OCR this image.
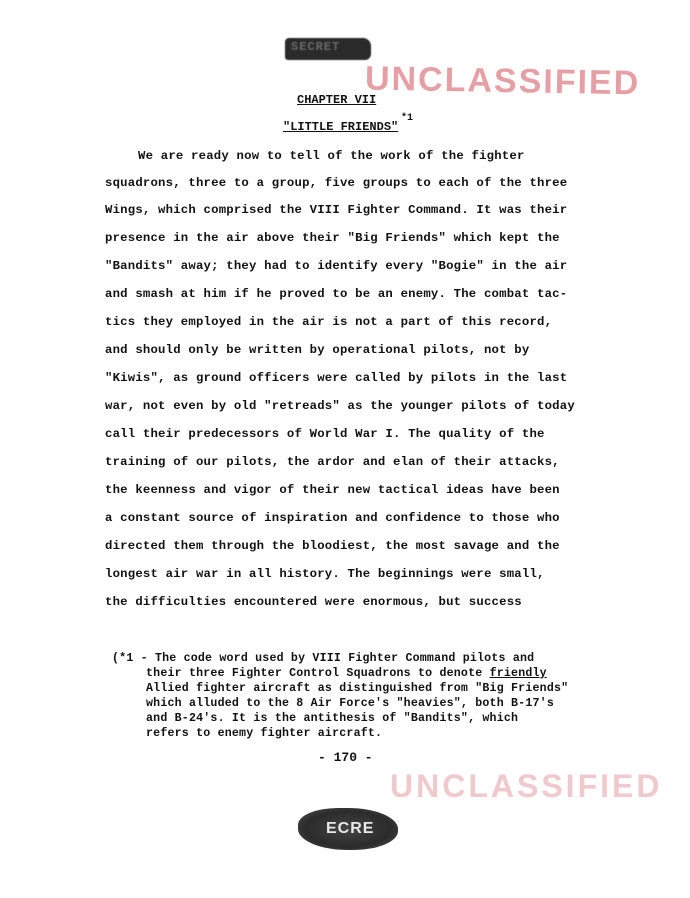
SECRET
UNCLASSIFIED
CHAPTER VII
"LITTLE FRIENDS"
*1
We are ready now to tell of the work of the fighter
squadrons, three to a group, five groups to each of the three
Wings, which comprised the VIII Fighter Command. It was their
presence in the air above their "Big Friends" which kept the
"Bandits" away; they had to identify every "Bogie" in the air
and smash at him if he proved to be an enemy. The combat tac-
tics they employed in the air is not a part of this record,
and should only be written by operational pilots, not by
"Kiwis", as ground officers were called by pilots in the last
war, not even by old "retreads" as the younger pilots of today
call their predecessors of World War I. The quality of the
training of our pilots, the ardor and elan of their attacks,
the keenness and vigor of their new tactical ideas have been
a constant source of inspiration and confidence to those who
directed them through the bloodiest, the most savage and the
longest air war in all history. The beginnings were small,
the difficulties encountered were enormous, but success
(*1 - The code word used by VIII Fighter Command pilots and
their three Fighter Control Squadrons to denote friendly
Allied fighter aircraft as distinguished from "Big Friends"
which alluded to the 8 Air Force's "heavies", both B-17's
and B-24's. It is the antithesis of "Bandits", which
refers to enemy fighter aircraft.
- 170 -
UNCLASSIFIED
ECRE
